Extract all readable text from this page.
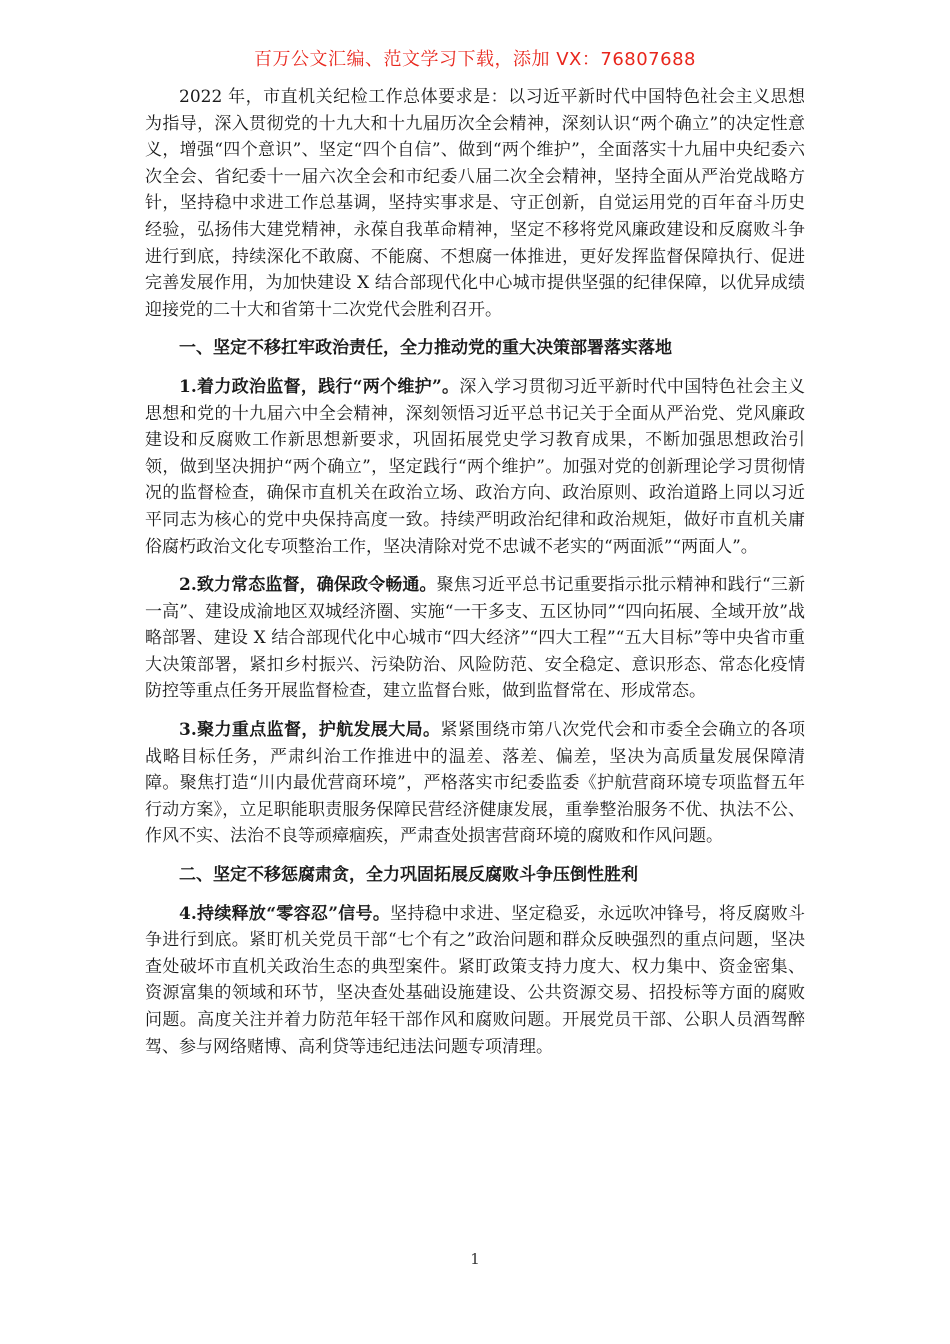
百万公文汇编、范文学习下载，添加 VX：76807688

2022 年，市直机关纪检工作总体要求是：以习近平新时代中国特色社会主义思想为指导，深入贯彻党的十九大和十九届历次全会精神，深刻认识“两个确立”的决定性意义，增强“四个意识”、坚定“四个自信”、做到“两个维护”，全面落实十九届中央纪委六次全会、省纪委十一届六次全会和市纪委八届二次全会精神，坚持全面从严治党战略方针，坚持稳中求进工作总基调，坚持实事求是、守正创新，自觉运用党的百年奋斗历史经验，弘扬伟大建党精神，永葆自我革命精神，坚定不移将党风廉政建设和反腐败斗争进行到底，持续深化不敢腐、不能腐、不想腐一体推进，更好发挥监督保障执行、促进完善发展作用，为加快建设 X 结合部现代化中心城市提供坚强的纪律保障，以优异成绩迎接党的二十大和省第十二次党代会胜利召开。

一、坚定不移扛牢政治责任，全力推动党的重大决策部署落实落地

1.着力政治监督，践行“两个维护”。深入学习贯彻习近平新时代中国特色社会主义思想和党的十九届六中全会精神，深刻领悟习近平总书记关于全面从严治党、党风廉政建设和反腐败工作新思想新要求，巩固拓展党史学习教育成果，不断加强思想政治引领，做到坚决拥护“两个确立”，坚定践行“两个维护”。加强对党的创新理论学习贯彻情况的监督检查，确保市直机关在政治立场、政治方向、政治原则、政治道路上同以习近平同志为核心的党中央保持高度一致。持续严明政治纪律和政治规矩，做好市直机关庸俗腐朽政治文化专项整治工作，坚决清除对党不忠诚不老实的“两面派”“两面人”。

2.致力常态监督，确保政令畅通。聚焦习近平总书记重要指示批示精神和践行“三新一高”、建设成渝地区双城经济圈、实施“一干多支、五区协同”“四向拓展、全域开放”战略部署、建设 X 结合部现代化中心城市“四大经济”“四大工程”“五大目标”等中央省市重大决策部署，紧扣乡村振兴、污染防治、风险防范、安全稳定、意识形态、常态化疫情防控等重点任务开展监督检查，建立监督台账，做到监督常在、形成常态。

3.聚力重点监督，护航发展大局。紧紧围绕市第八次党代会和市委全会确立的各项战略目标任务，严肃纠治工作推进中的温差、落差、偏差，坚决为高质量发展保障清障。聚焦打造“川内最优营商环境”，严格落实市纪委监委《护航营商环境专项监督五年行动方案》，立足职能职责服务保障民营经济健康发展，重拳整治服务不优、执法不公、作风不实、法治不良等顽瘴痼疾，严肃查处损害营商环境的腐败和作风问题。

二、坚定不移惩腐肃贪，全力巩固拓展反腐败斗争压倒性胜利

4.持续释放“零容忍”信号。坚持稳中求进、坚定稳妥，永远吹冲锋号，将反腐败斗争进行到底。紧盯机关党员干部“七个有之”政治问题和群众反映强烈的重点问题，坚决查处破坏市直机关政治生态的典型案件。紧盯政策支持力度大、权力集中、资金密集、资源富集的领域和环节，坚决查处基础设施建设、公共资源交易、招投标等方面的腐败问题。高度关注并着力防范年轻干部作风和腐败问题。开展党员干部、公职人员酒驾醉驾、参与网络赌博、高利贷等违纪违法问题专项清理。

1
